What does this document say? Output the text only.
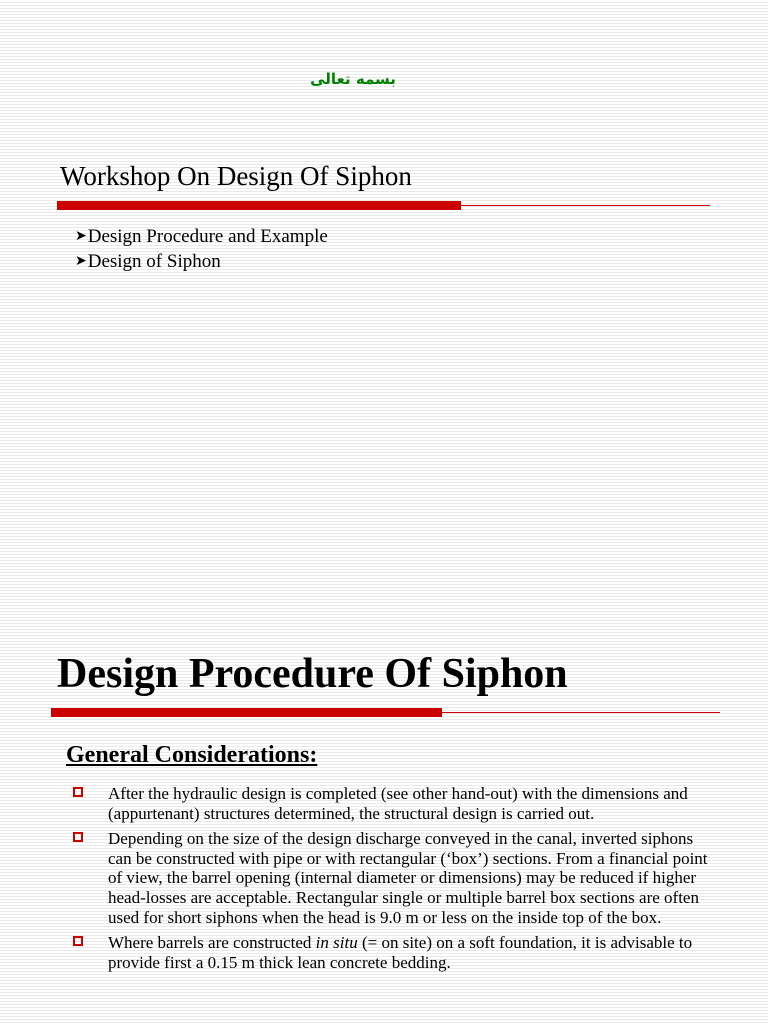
بسمه تعالى
Workshop On Design Of Siphon
➤Design Procedure and Example
➤Design of Siphon
Design Procedure Of Siphon
General Considerations:
After the hydraulic design is completed (see other hand-out) with the dimensions and (appurtenant) structures determined, the structural design is carried out.
Depending on the size of the design discharge conveyed in the canal, inverted siphons can be constructed with pipe or with rectangular (‘box’) sections. From a financial point of view, the barrel opening (internal diameter or dimensions) may be reduced if higher head-losses are acceptable. Rectangular single or multiple barrel box sections are often used for short siphons when the head is 9.0 m or less on the inside top of the box.
Where barrels are constructed in situ (= on site) on a soft foundation, it is advisable to provide first a 0.15 m thick lean concrete bedding.
